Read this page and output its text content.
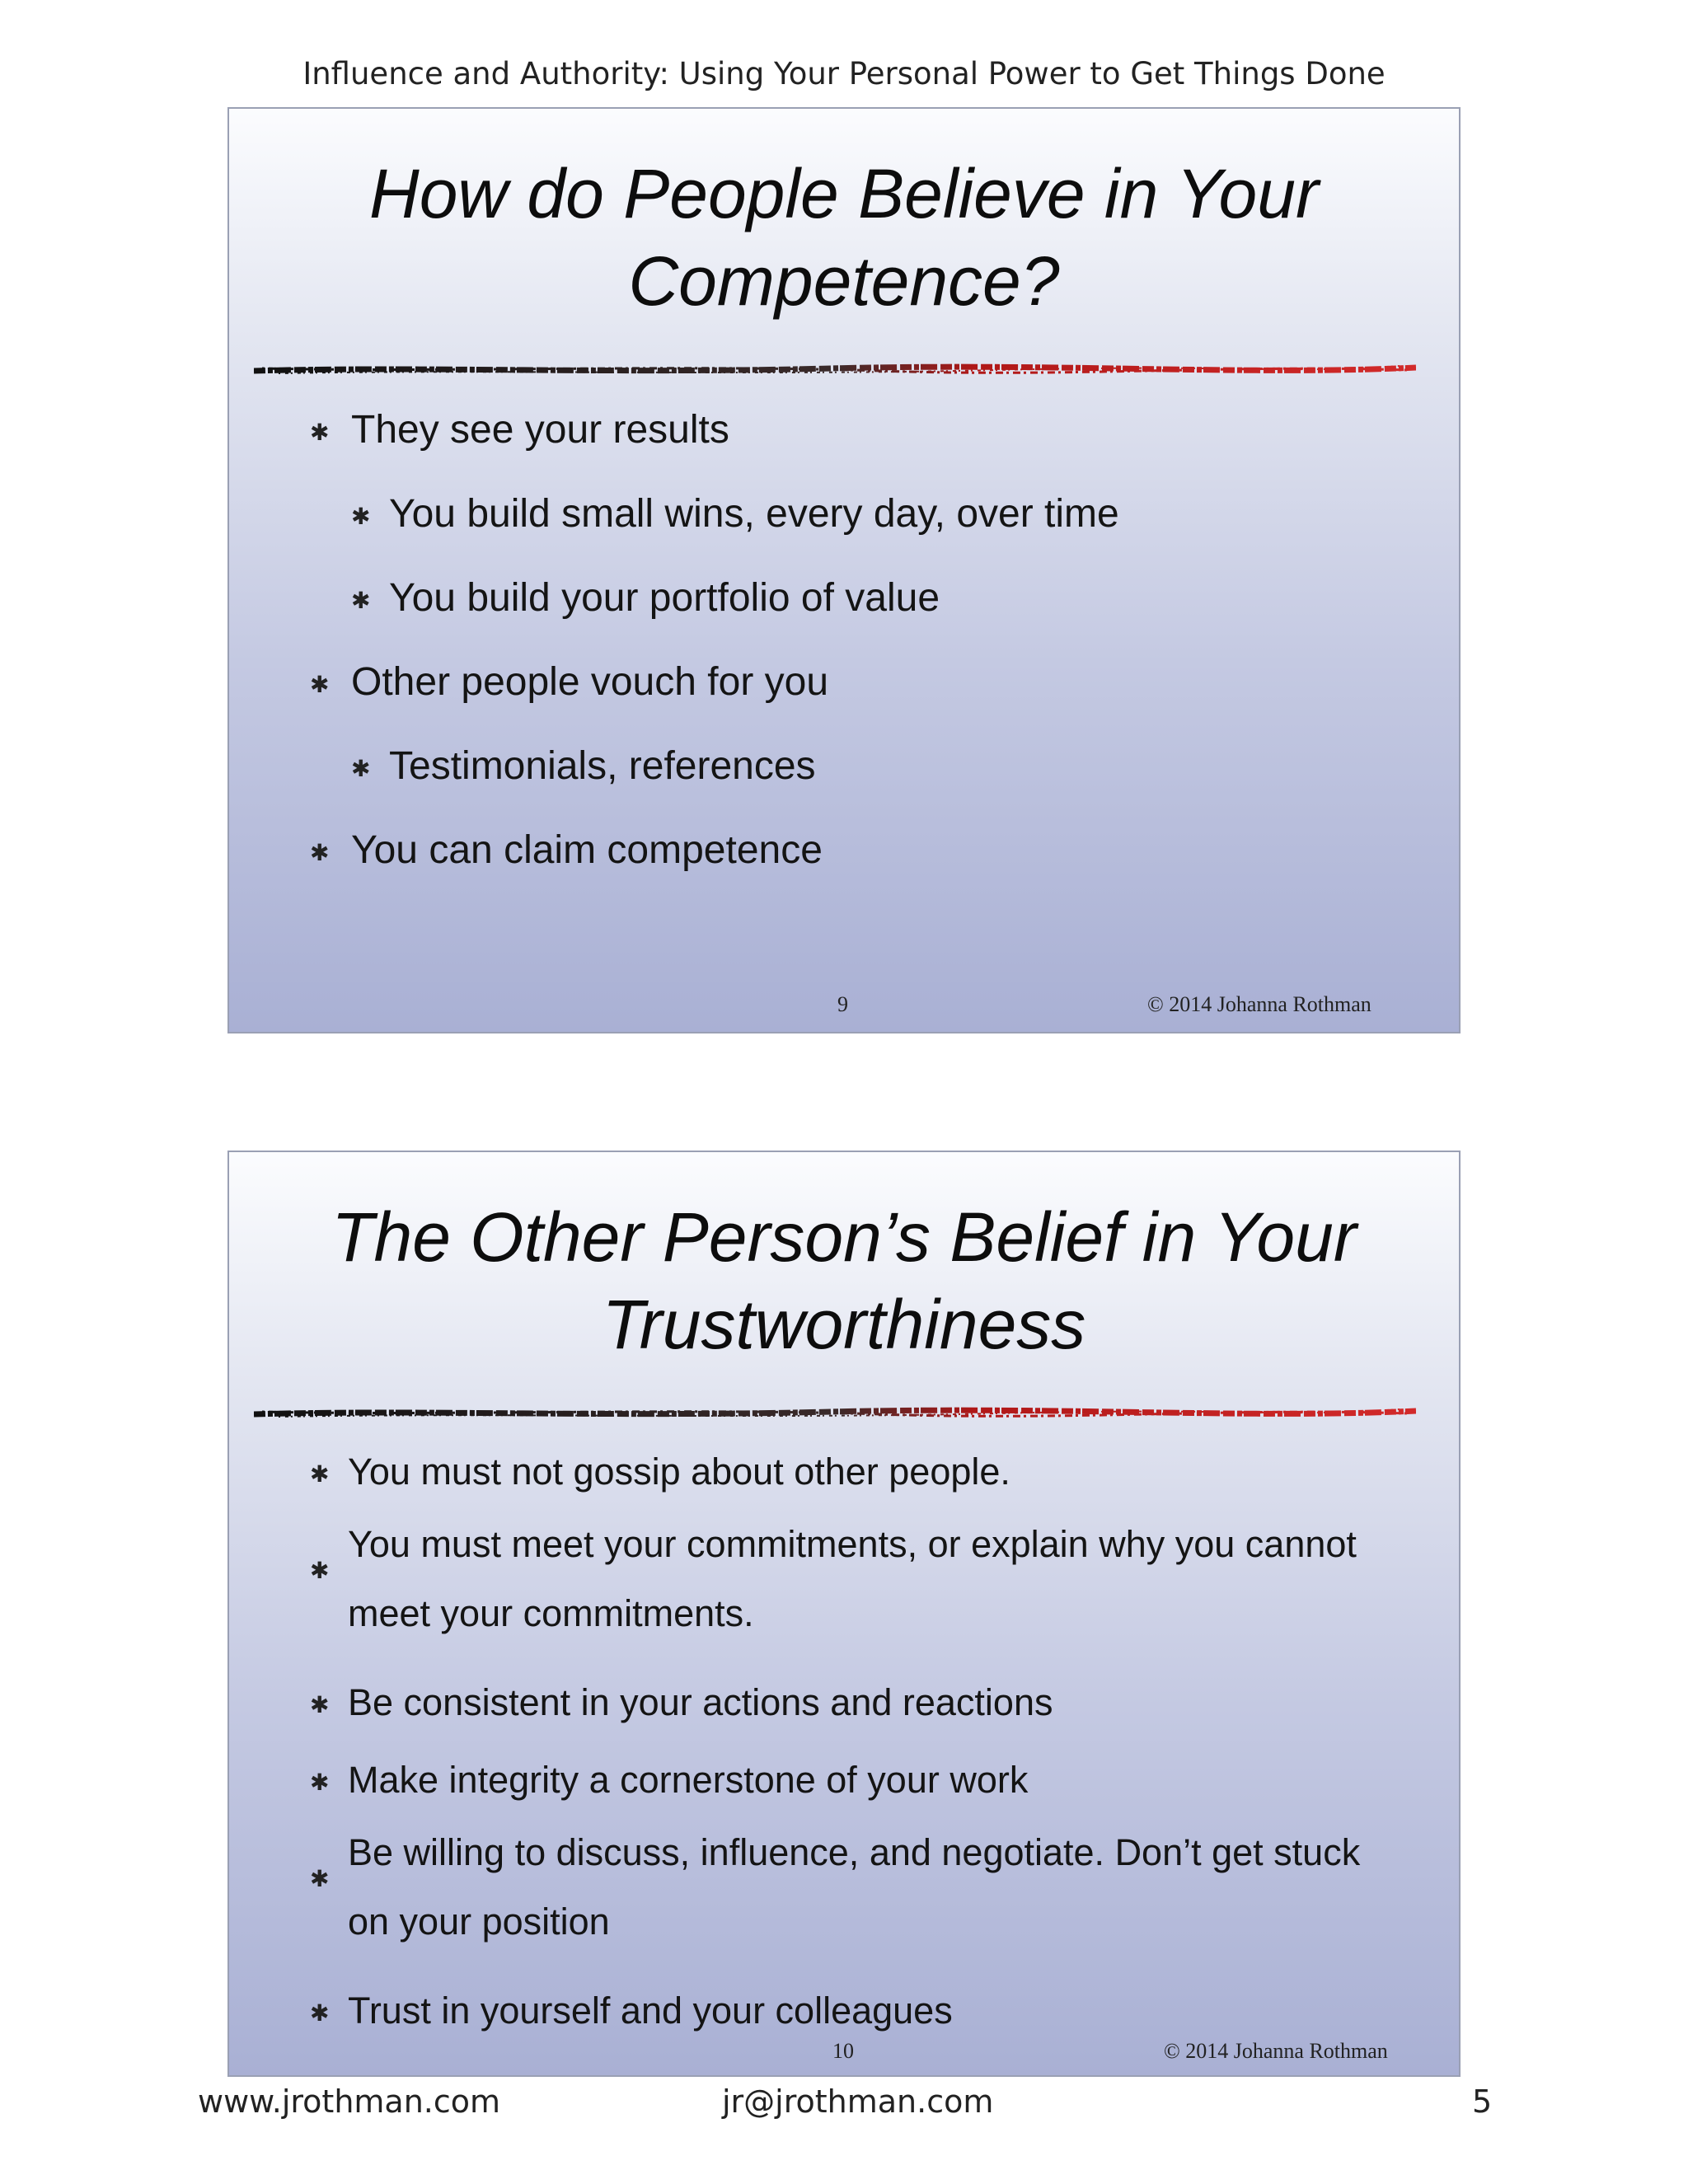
Influence and Authority: Using Your Personal Power to Get Things Done
How do People Believe in Your
Competence?
✱ They see your results
✱ You build small wins, every day, over time
✱ You build your portfolio of value
✱ Other people vouch for you
✱ Testimonials, references
✱ You can claim competence
9	© 2014 Johanna Rothman
The Other Person’s Belief in Your
Trustworthiness
✱ You must not gossip about other people.
✱
You must meet your commitments, or explain why you cannot meet your commitments.
✱ Be consistent in your actions and reactions
✱ Make integrity a cornerstone of your work
✱
Be willing to discuss, influence, and negotiate. Don’t get stuck on your position
✱ Trust in yourself and your colleagues
10	© 2014 Johanna Rothman
www.jrothman.com	jr@jrothman.com	5
